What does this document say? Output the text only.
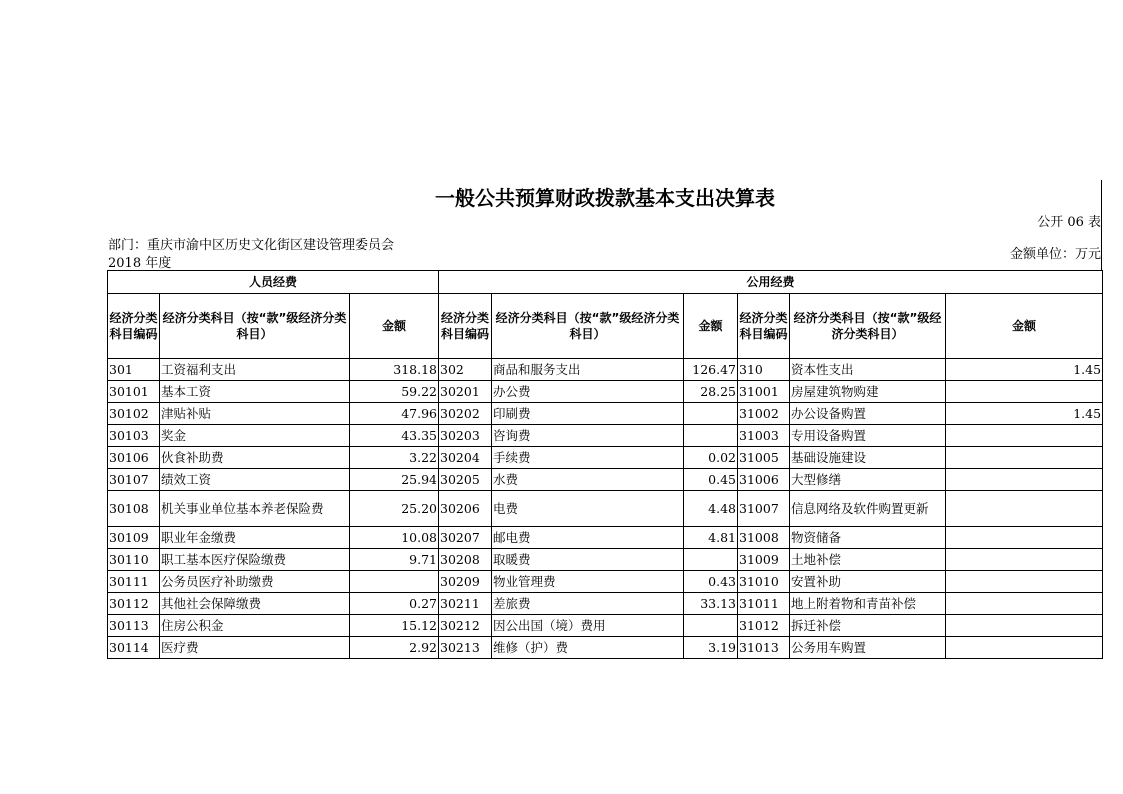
一般公共预算财政拨款基本支出决算表
公开 06 表
部门：重庆市渝中区历史文化街区建设管理委员会
2018 年度
金额单位：万元
人员经费			公用经费					
经济分类科目编码	经济分类科目（按“款”级经济分类科目）	金额	经济分类科目编码	经济分类科目（按“款”级经济分类科目）	金额	经济分类科目编码	经济分类科目（按“款”级经济分类科目）	金额
301	工资福利支出	318.18	302	商品和服务支出	126.47	310	资本性支出	1.45
30101	基本工资	59.22	30201	办公费	28.25	31001	房屋建筑物购建	
30102	津贴补贴	47.96	30202	印刷费		31002	办公设备购置	1.45
30103	奖金	43.35	30203	咨询费		31003	专用设备购置	
30106	伙食补助费	3.22	30204	手续费	0.02	31005	基础设施建设	
30107	绩效工资	25.94	30205	水费	0.45	31006	大型修缮	
30108	机关事业单位基本养老保险费	25.20	30206	电费	4.48	31007	信息网络及软件购置更新	
30109	职业年金缴费	10.08	30207	邮电费	4.81	31008	物资储备	
30110	职工基本医疗保险缴费	9.71	30208	取暖费		31009	土地补偿	
30111	公务员医疗补助缴费		30209	物业管理费	0.43	31010	安置补助	
30112	其他社会保障缴费	0.27	30211	差旅费	33.13	31011	地上附着物和青苗补偿	
30113	住房公积金	15.12	30212	因公出国（境）费用		31012	拆迁补偿	
30114	医疗费	2.92	30213	维修（护）费	3.19	31013	公务用车购置	
